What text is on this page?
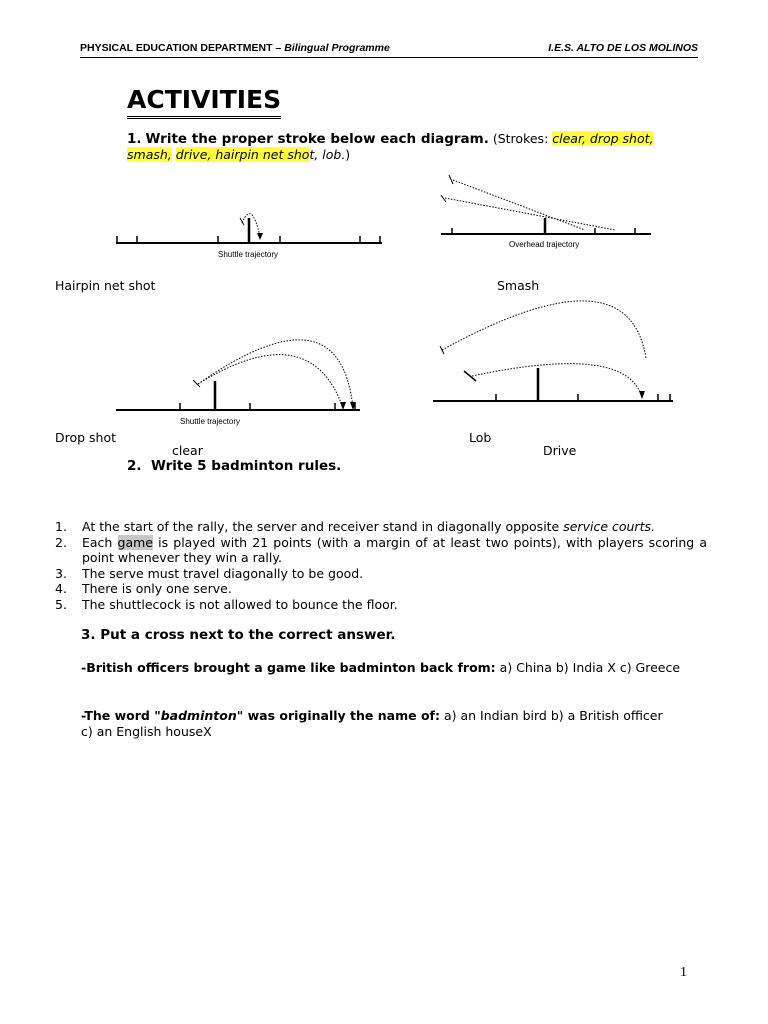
PHYSICAL EDUCATION DEPARTMENT – Bilingual Programme	I.E.S. ALTO DE LOS MOLINOS
ACTIVITIES
1. Write the proper stroke below each diagram. (Strokes: clear, drop shot,
smash, drive, hairpin net shot, lob.)
Shuttle trajectory
Overhead trajectory
Hairpin net shot	Smash
Shuttle trajectory
Drop shot
clear
Lob
Drive
2. Write 5 badminton rules.
1. At the start of the rally, the server and receiver stand in diagonally opposite service courts.
2. Each game is played with 21 points (with a margin of at least two points), with players scoring a point whenever they win a rally.
3. The serve must travel diagonally to be good.
4. There is only one serve.
5. The shuttlecock is not allowed to bounce the floor.
3. Put a cross next to the correct answer.
-British officers brought a game like badminton back from: a) China b) India X c) Greece
-The word "badminton" was originally the name of: a) an Indian bird b) a British officer
c) an English houseX
1
